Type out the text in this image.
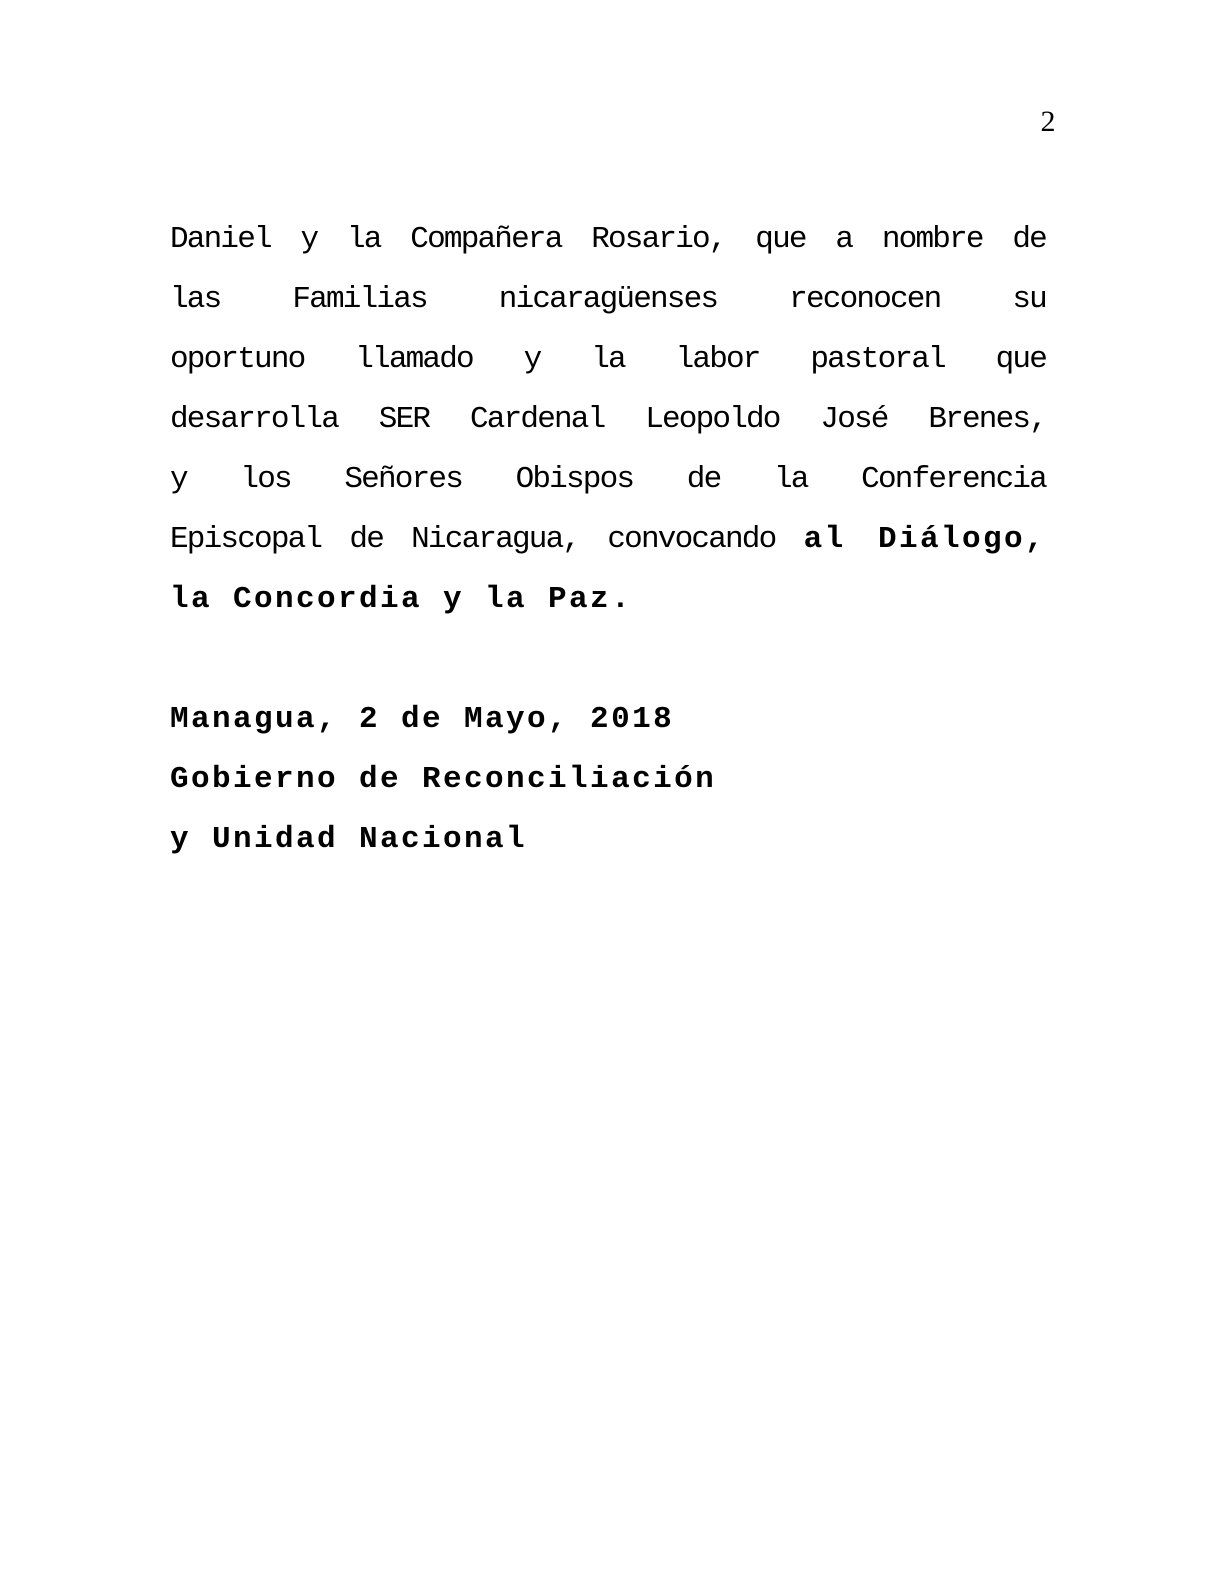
2
Daniel y la Compañera Rosario, que a nombre de
las Familias nicaragüenses reconocen su
oportuno llamado y la labor pastoral que
desarrolla SER Cardenal Leopoldo José Brenes,
y los Señores Obispos de la Conferencia
Episcopal de Nicaragua, convocando al Diálogo,
la Concordia y la Paz.
Managua, 2 de Mayo, 2018
Gobierno de Reconciliación
y Unidad Nacional
